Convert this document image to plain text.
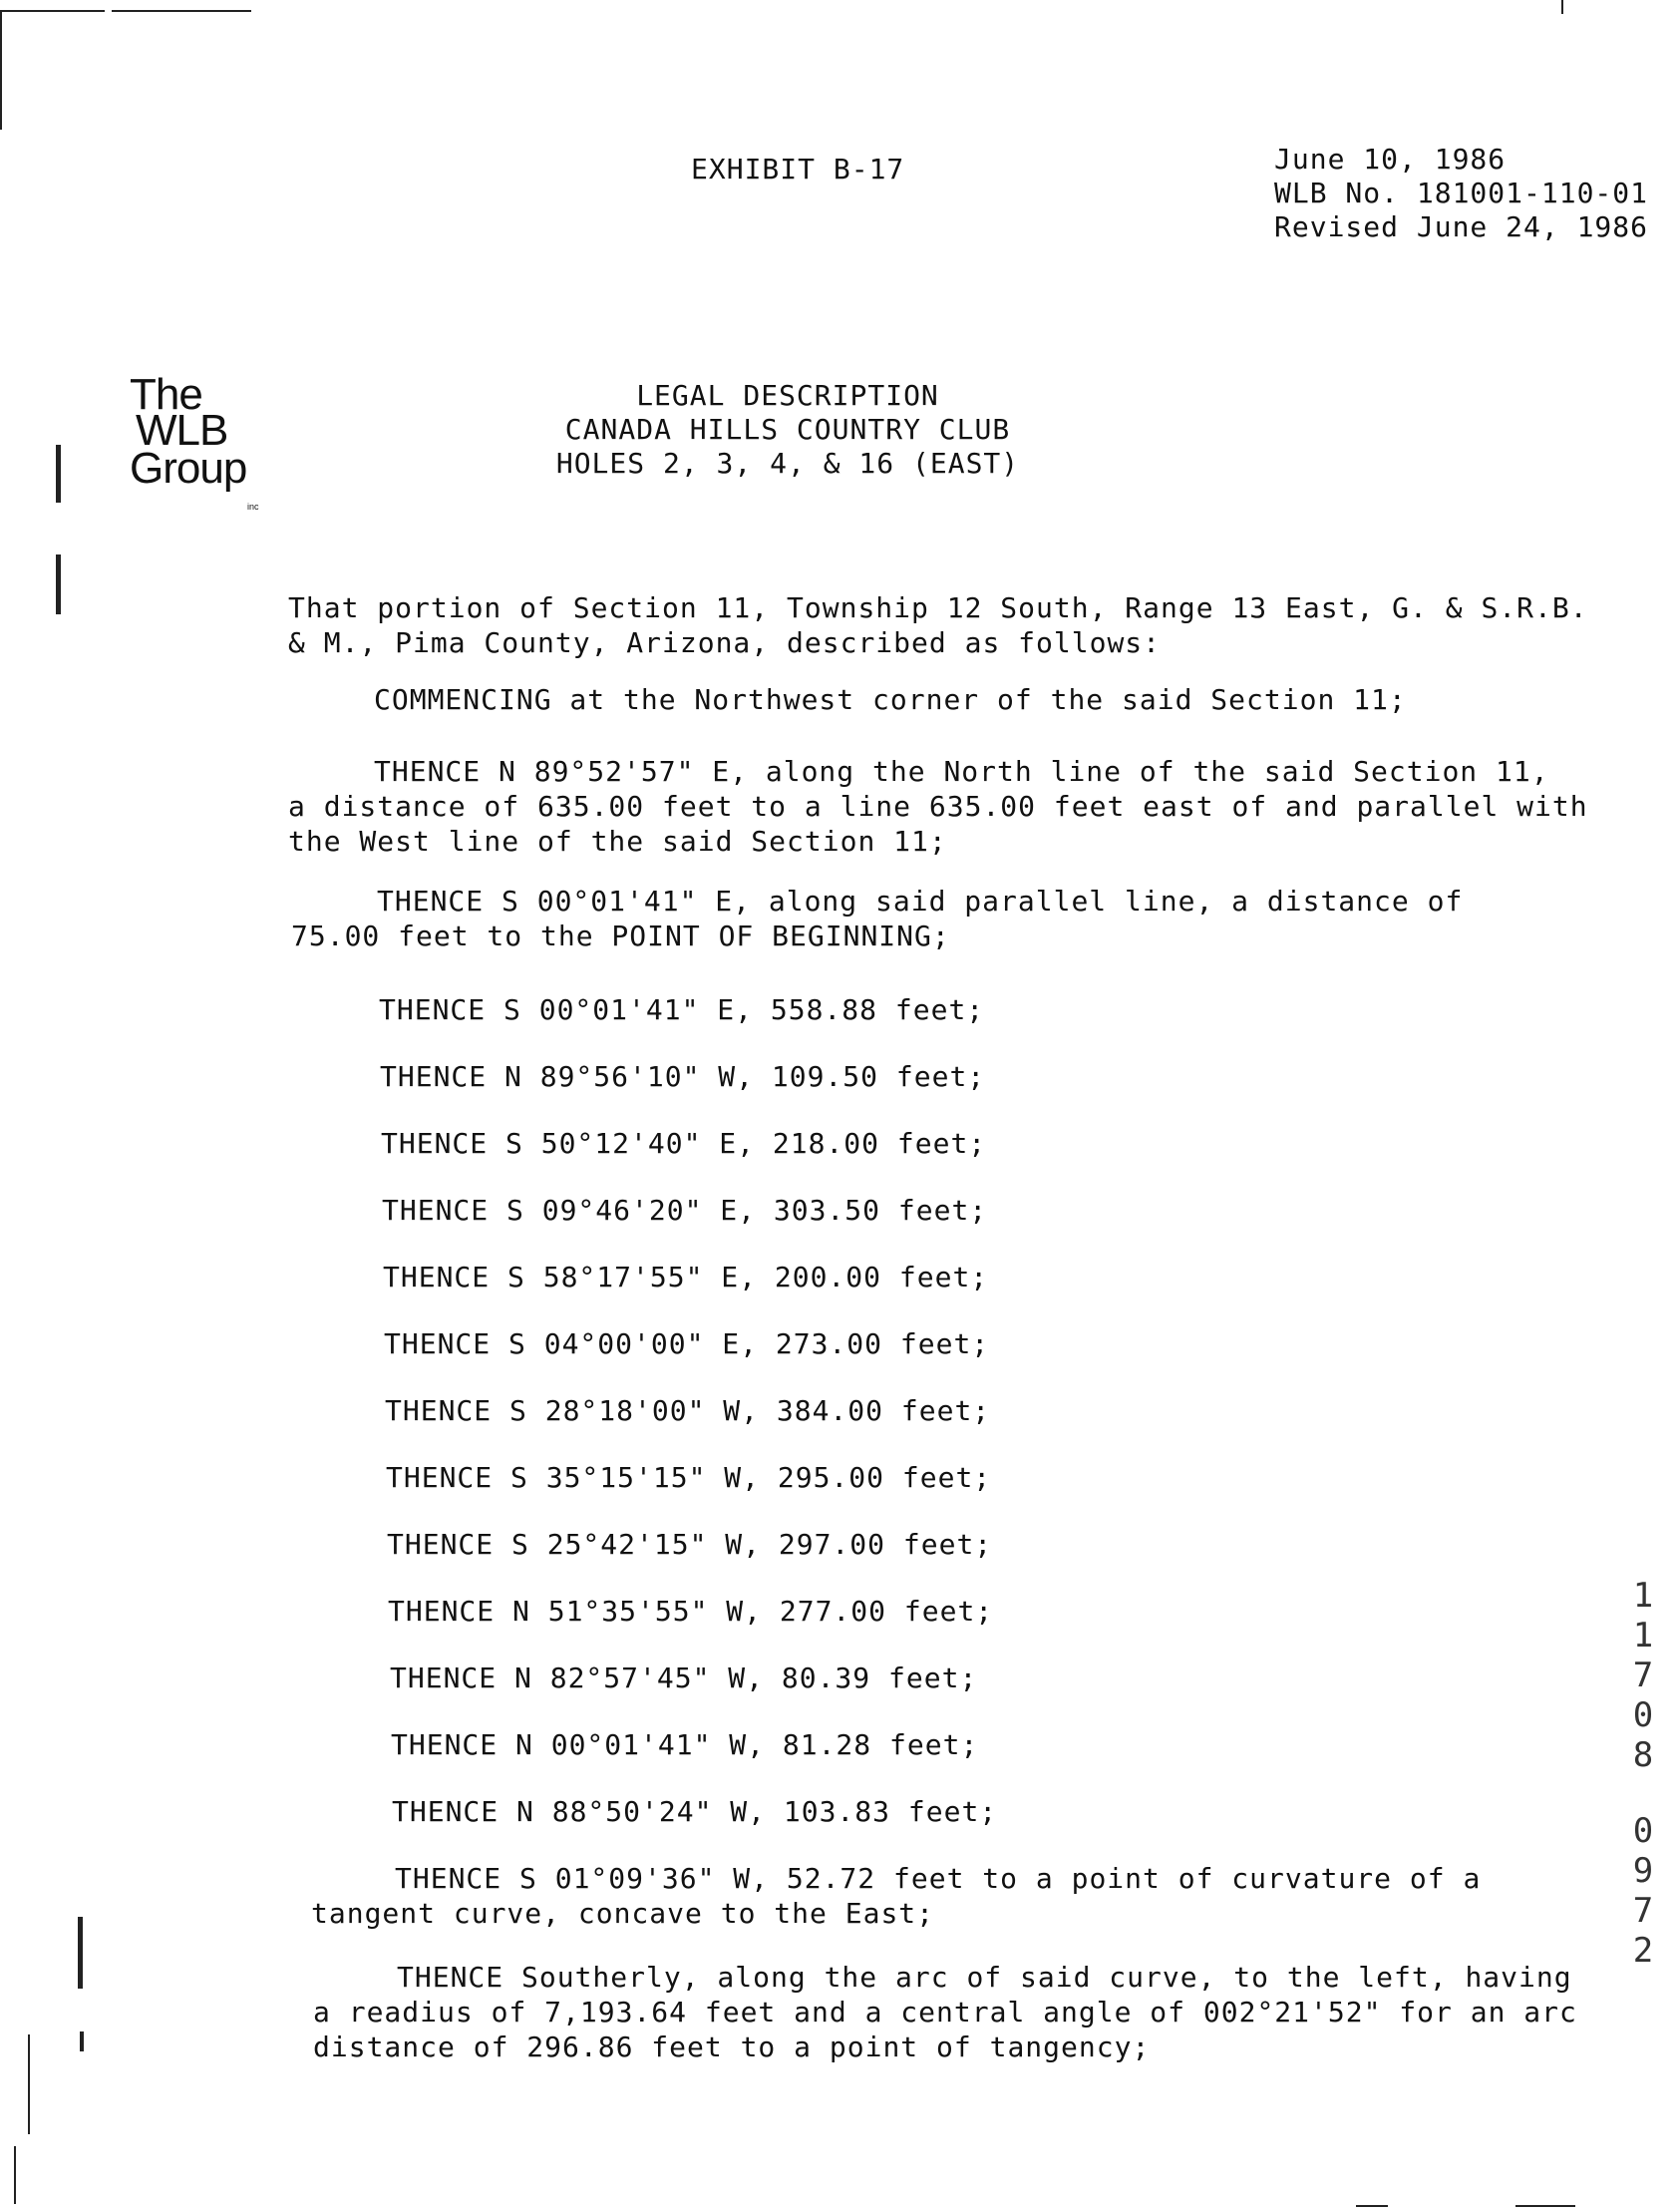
EXHIBIT B-17	June 10, 1986
WLB No. 181001-110-01
Revised June 24, 1986
The
WLB
Group
inc
LEGAL DESCRIPTION
CANADA HILLS COUNTRY CLUB
HOLES 2, 3, 4, & 16 (EAST)
That portion of Section 11, Township 12 South, Range 13 East, G. & S.R.B.
& M., Pima County, Arizona, described as follows:
COMMENCING at the Northwest corner of the said Section 11;
THENCE N 89°52'57" E, along the North line of the said Section 11,
a distance of 635.00 feet to a line 635.00 feet east of and parallel with
the West line of the said Section 11;
THENCE S 00°01'41" E, along said parallel line, a distance of
75.00 feet to the POINT OF BEGINNING;
THENCE S 00°01'41" E, 558.88 feet;
THENCE N 89°56'10" W, 109.50 feet;
THENCE S 50°12'40" E, 218.00 feet;
THENCE S 09°46'20" E, 303.50 feet;
THENCE S 58°17'55" E, 200.00 feet;
THENCE S 04°00'00" E, 273.00 feet;
THENCE S 28°18'00" W, 384.00 feet;
THENCE S 35°15'15" W, 295.00 feet;
THENCE S 25°42'15" W, 297.00 feet;
THENCE N 51°35'55" W, 277.00 feet;
THENCE N 82°57'45" W, 80.39 feet;
THENCE N 00°01'41" W, 81.28 feet;
THENCE N 88°50'24" W, 103.83 feet;
THENCE S 01°09'36" W, 52.72 feet to a point of curvature of a
tangent curve, concave to the East;
THENCE Southerly, along the arc of said curve, to the left, having
a readius of 7,193.64 feet and a central angle of 002°21'52" for an arc
distance of 296.86 feet to a point of tangency;
1
1
7
0
8
0
9
7
2
